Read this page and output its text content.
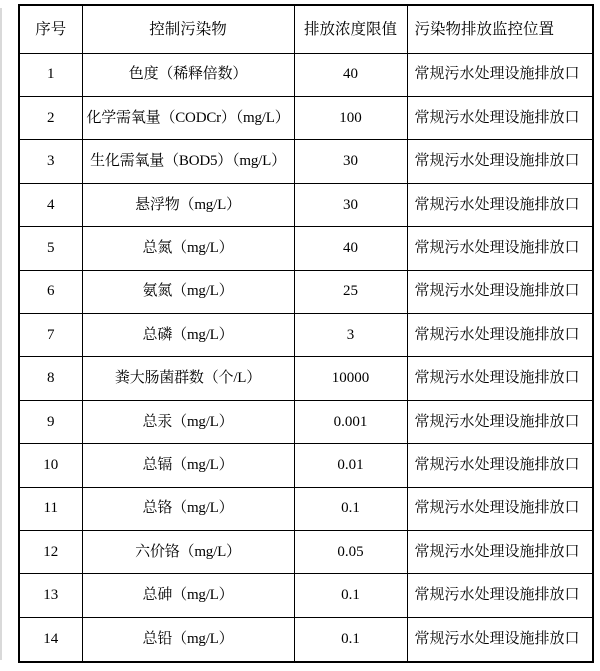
序号	控制污染物	排放浓度限值	污染物排放监控位置
1	色度（稀释倍数）	40	常规污水处理设施排放口
2	化学需氧量（CODCr）（mg/L）	100	常规污水处理设施排放口
3	生化需氧量（BOD5）（mg/L）	30	常规污水处理设施排放口
4	悬浮物（mg/L）	30	常规污水处理设施排放口
5	总氮（mg/L）	40	常规污水处理设施排放口
6	氨氮（mg/L）	25	常规污水处理设施排放口
7	总磷（mg/L）	3	常规污水处理设施排放口
8	粪大肠菌群数（个/L）	10000	常规污水处理设施排放口
9	总汞（mg/L）	0.001	常规污水处理设施排放口
10	总镉（mg/L）	0.01	常规污水处理设施排放口
11	总铬（mg/L）	0.1	常规污水处理设施排放口
12	六价铬（mg/L）	0.05	常规污水处理设施排放口
13	总砷（mg/L）	0.1	常规污水处理设施排放口
14	总铅（mg/L）	0.1	常规污水处理设施排放口
